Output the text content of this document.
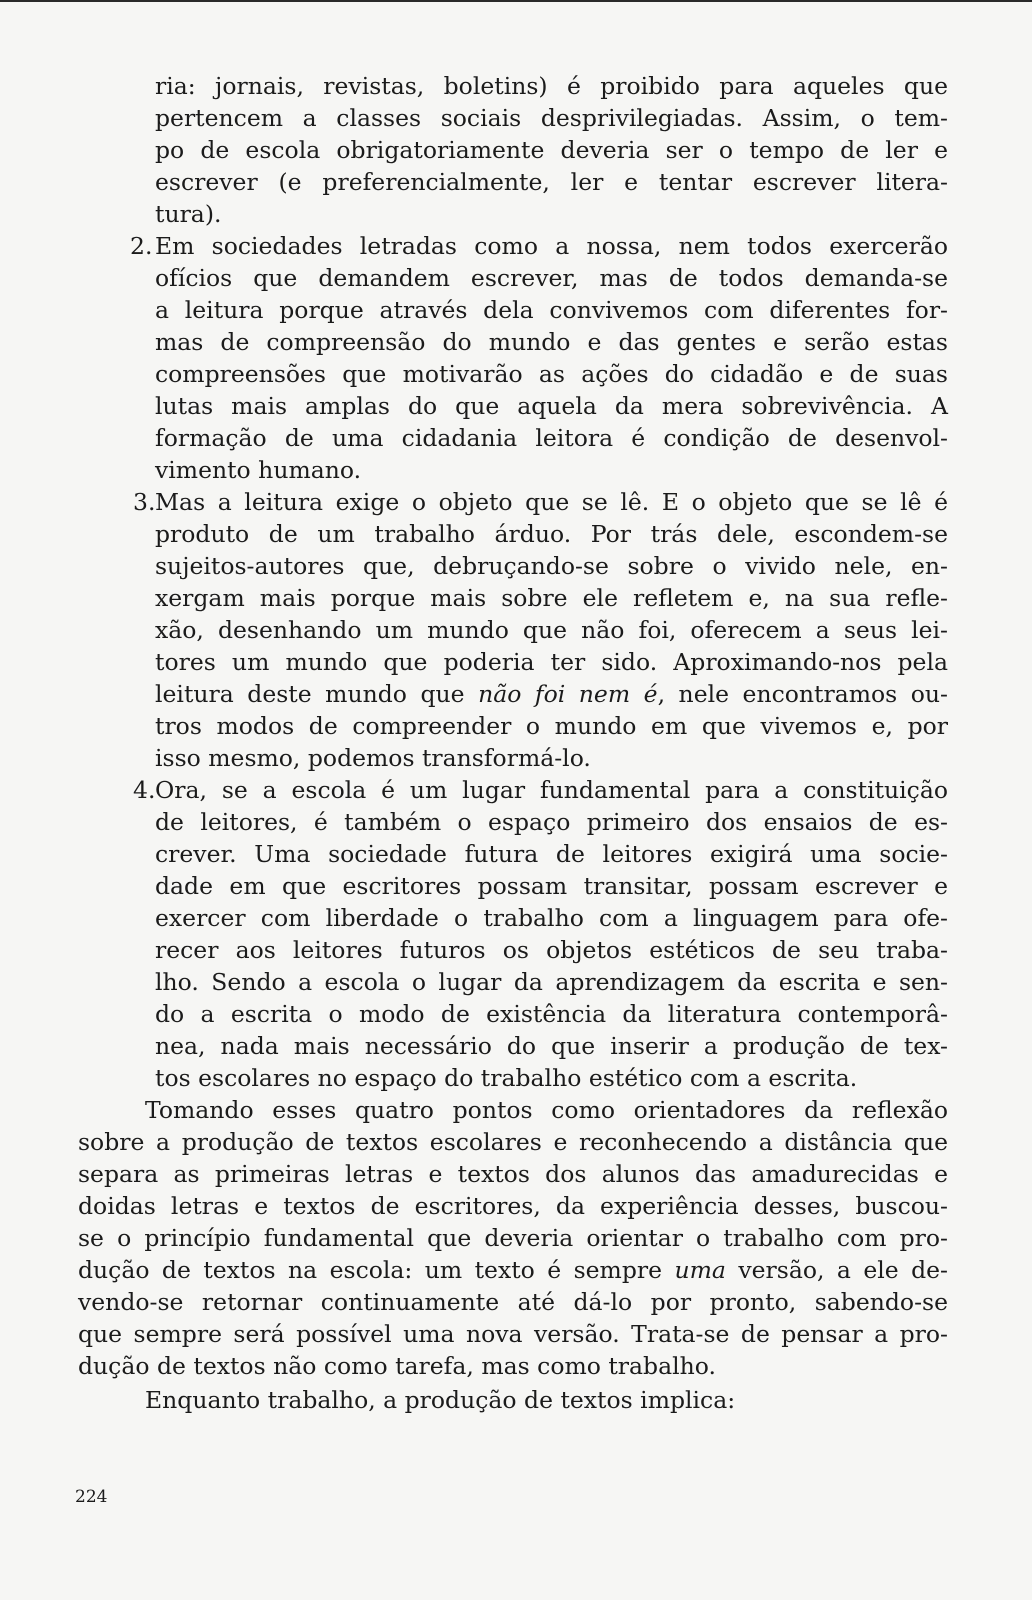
ria: jornais, revistas, boletins) é proibido para aqueles que
pertencem a classes sociais desprivilegiadas. Assim, o tem-
po de escola obrigatoriamente deveria ser o tempo de ler e
escrever (e preferencialmente, ler e tentar escrever litera-
tura).
2. Em sociedades letradas como a nossa, nem todos exercerão
ofícios que demandem escrever, mas de todos demanda-se
a leitura porque através dela convivemos com diferentes for-
mas de compreensão do mundo e das gentes e serão estas
compreensões que motivarão as ações do cidadão e de suas
lutas mais amplas do que aquela da mera sobrevivência. A
formação de uma cidadania leitora é condição de desenvol-
vimento humano.
3. Mas a leitura exige o objeto que se lê. E o objeto que se lê é
produto de um trabalho árduo. Por trás dele, escondem-se
sujeitos-autores que, debruçando-se sobre o vivido nele, en-
xergam mais porque mais sobre ele refletem e, na sua refle-
xão, desenhando um mundo que não foi, oferecem a seus lei-
tores um mundo que poderia ter sido. Aproximando-nos pela
leitura deste mundo que não foi nem é, nele encontramos ou-
tros modos de compreender o mundo em que vivemos e, por
isso mesmo, podemos transformá-lo.
4. Ora, se a escola é um lugar fundamental para a constituição
de leitores, é também o espaço primeiro dos ensaios de es-
crever. Uma sociedade futura de leitores exigirá uma socie-
dade em que escritores possam transitar, possam escrever e
exercer com liberdade o trabalho com a linguagem para ofe-
recer aos leitores futuros os objetos estéticos de seu traba-
lho. Sendo a escola o lugar da aprendizagem da escrita e sen-
do a escrita o modo de existência da literatura contemporâ-
nea, nada mais necessário do que inserir a produção de tex-
tos escolares no espaço do trabalho estético com a escrita.
Tomando esses quatro pontos como orientadores da reflexão
sobre a produção de textos escolares e reconhecendo a distância que
separa as primeiras letras e textos dos alunos das amadurecidas e
doidas letras e textos de escritores, da experiência desses, buscou-
se o princípio fundamental que deveria orientar o trabalho com pro-
dução de textos na escola: um texto é sempre uma versão, a ele de-
vendo-se retornar continuamente até dá-lo por pronto, sabendo-se
que sempre será possível uma nova versão. Trata-se de pensar a pro-
dução de textos não como tarefa, mas como trabalho.
Enquanto trabalho, a produção de textos implica:
224
